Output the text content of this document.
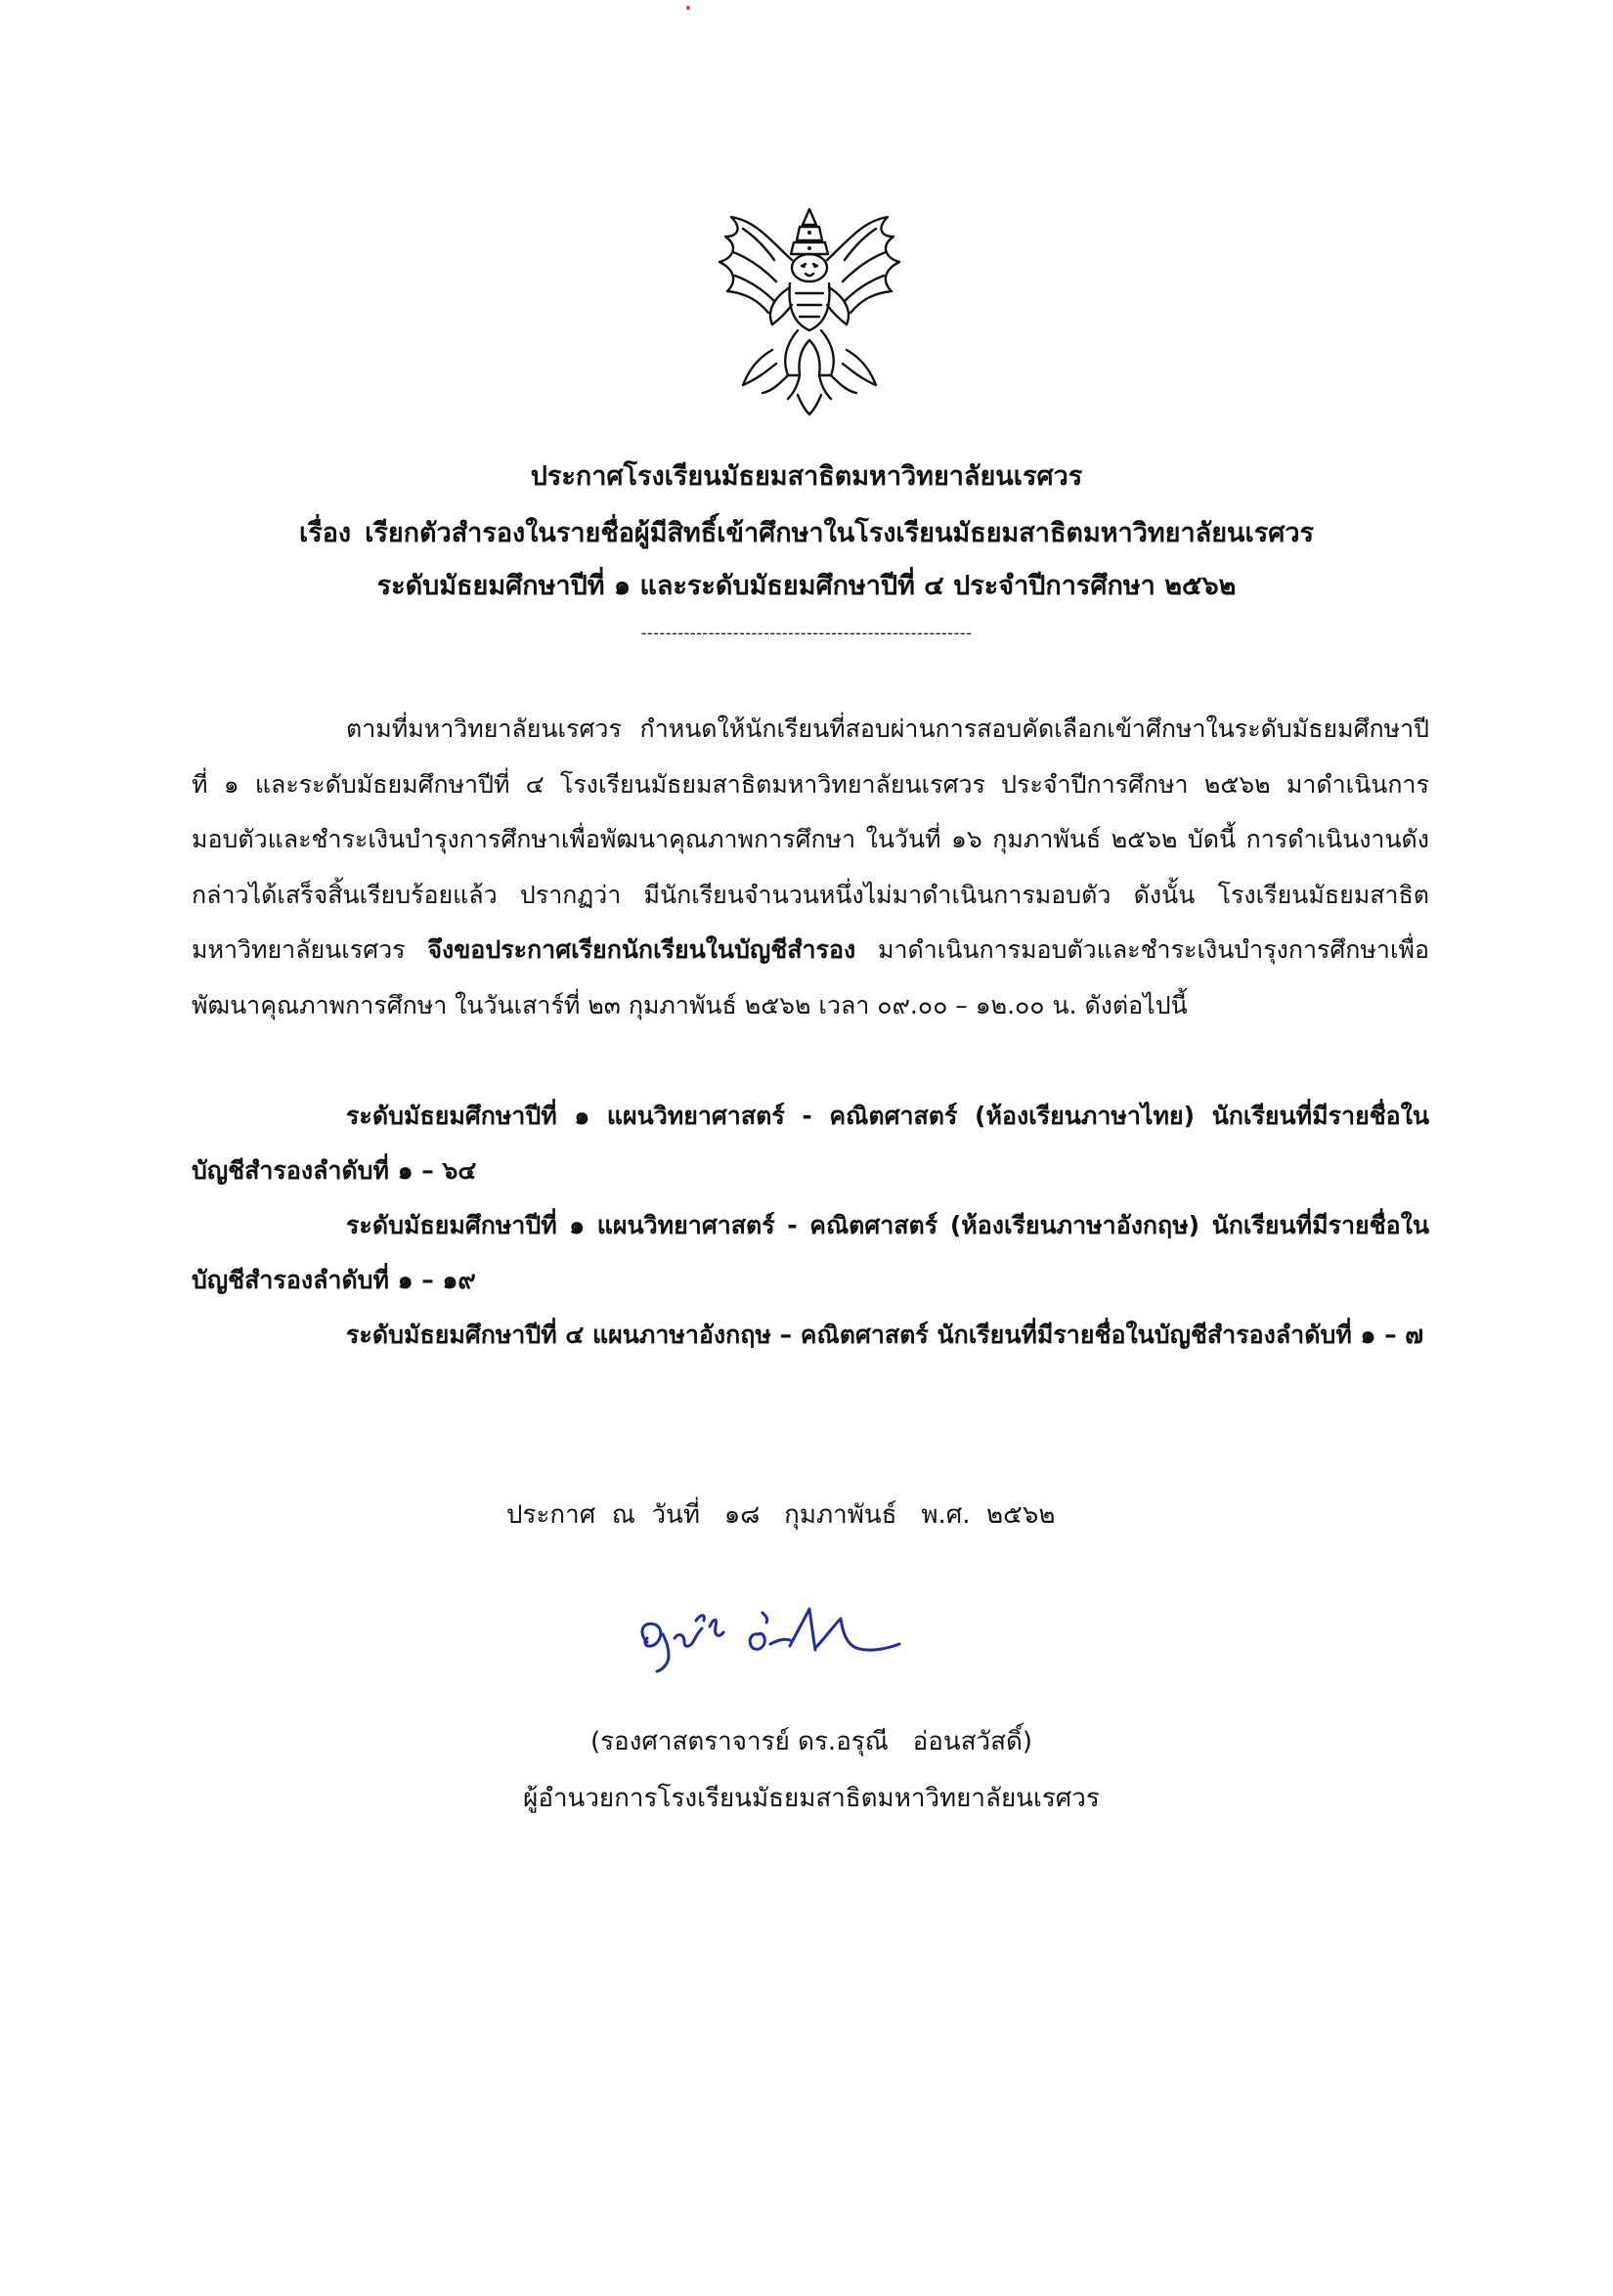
ประกาศโรงเรียนมัธยมสาธิตมหาวิทยาลัยนเรศวร
เรื่อง เรียกตัวสำรองในรายชื่อผู้มีสิทธิ์เข้าศึกษาในโรงเรียนมัธยมสาธิตมหาวิทยาลัยนเรศวร
ระดับมัธยมศึกษาปีที่ ๑ และระดับมัธยมศึกษาปีที่ ๔ ประจำปีการศึกษา ๒๕๖๒
------------------------------------------------------

ตามที่มหาวิทยาลัยนเรศวร กำหนดให้นักเรียนที่สอบผ่านการสอบคัดเลือกเข้าศึกษาในระดับมัธยมศึกษาปีที่ ๑ และระดับมัธยมศึกษาปีที่ ๔ โรงเรียนมัธยมสาธิตมหาวิทยาลัยนเรศวร ประจำปีการศึกษา ๒๕๖๒ มาดำเนินการมอบตัวและชำระเงินบำรุงการศึกษาเพื่อพัฒนาคุณภาพการศึกษา ในวันที่ ๑๖ กุมภาพันธ์ ๒๕๖๒ บัดนี้ การดำเนินงานดังกล่าวได้เสร็จสิ้นเรียบร้อยแล้ว ปรากฏว่า มีนักเรียนจำนวนหนึ่งไม่มาดำเนินการมอบตัว ดังนั้น โรงเรียนมัธยมสาธิตมหาวิทยาลัยนเรศวร จึงขอประกาศเรียกนักเรียนในบัญชีสำรอง มาดำเนินการมอบตัวและชำระเงินบำรุงการศึกษาเพื่อพัฒนาคุณภาพการศึกษา ในวันเสาร์ที่ ๒๓ กุมภาพันธ์ ๒๕๖๒ เวลา ๐๙.๐๐ – ๑๒.๐๐ น. ดังต่อไปนี้

ระดับมัธยมศึกษาปีที่ ๑ แผนวิทยาศาสตร์ - คณิตศาสตร์ (ห้องเรียนภาษาไทย) นักเรียนที่มีรายชื่อในบัญชีสำรองลำดับที่ ๑ – ๖๔

ระดับมัธยมศึกษาปีที่ ๑ แผนวิทยาศาสตร์ - คณิตศาสตร์ (ห้องเรียนภาษาอังกฤษ) นักเรียนที่มีรายชื่อในบัญชีสำรองลำดับที่ ๑ – ๑๙

ระดับมัธยมศึกษาปีที่ ๔ แผนภาษาอังกฤษ – คณิตศาสตร์ นักเรียนที่มีรายชื่อในบัญชีสำรองลำดับที่ ๑ – ๗

ประกาศ  ณ  วันที่   ๑๘   กุมภาพันธ์   พ.ศ.  ๒๕๖๒
(รองศาสตราจารย์ ดร.อรุณี   อ่อนสวัสดิ์)
ผู้อำนวยการโรงเรียนมัธยมสาธิตมหาวิทยาลัยนเรศวร
